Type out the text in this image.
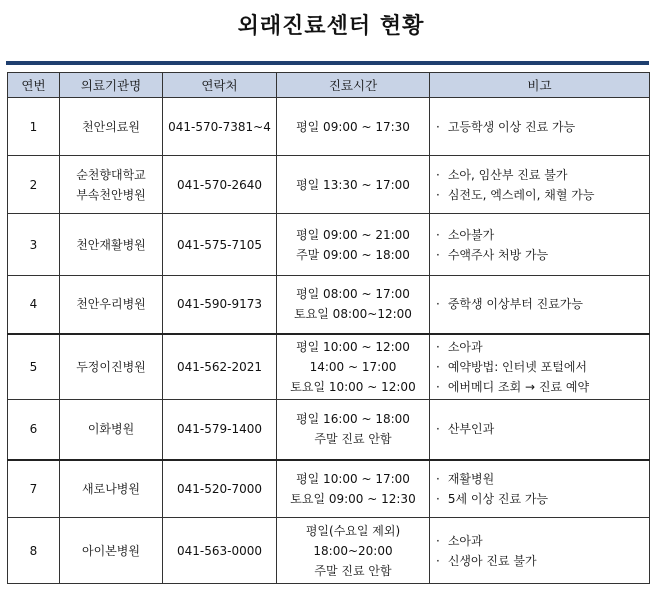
외래진료센터 현황
연번	의료기관명	연락처	진료시간	비고
1	천안의료원	041-570-7381~4	평일 09:00 ~ 17:30	· 고등학생 이상 진료 가능

2	순천향대학교
부속천안병원	041-570-2640	평일 13:30 ~ 17:00	· 소아, 임산부 진료 불가
· 심전도, 엑스레이, 채혈 가능

3	천안재활병원	041-575-7105	평일 09:00 ~ 21:00
주말 09:00 ~ 18:00	· 소아불가
· 수액주사 처방 가능

4	천안우리병원	041-590-9173	평일 08:00 ~ 17:00
토요일 08:00~12:00	· 중학생 이상부터 진료가능

5	두정이진병원	041-562-2021	평일 10:00 ~ 12:00
14:00 ~ 17:00
토요일 10:00 ~ 12:00	· 소아과
· 예약방법: 인터넷 포털에서
· 에버메디 조회 → 진료 예약

6	이화병원	041-579-1400	평일 16:00 ~ 18:00
주말 진료 안함	· 산부인과

7	새로나병원	041-520-7000	평일 10:00 ~ 17:00
토요일 09:00 ~ 12:30	· 재활병원
· 5세 이상 진료 가능

8	아이본병원	041-563-0000	평일(수요일 제외)
18:00~20:00
주말 진료 안함	· 소아과
· 신생아 진료 불가
